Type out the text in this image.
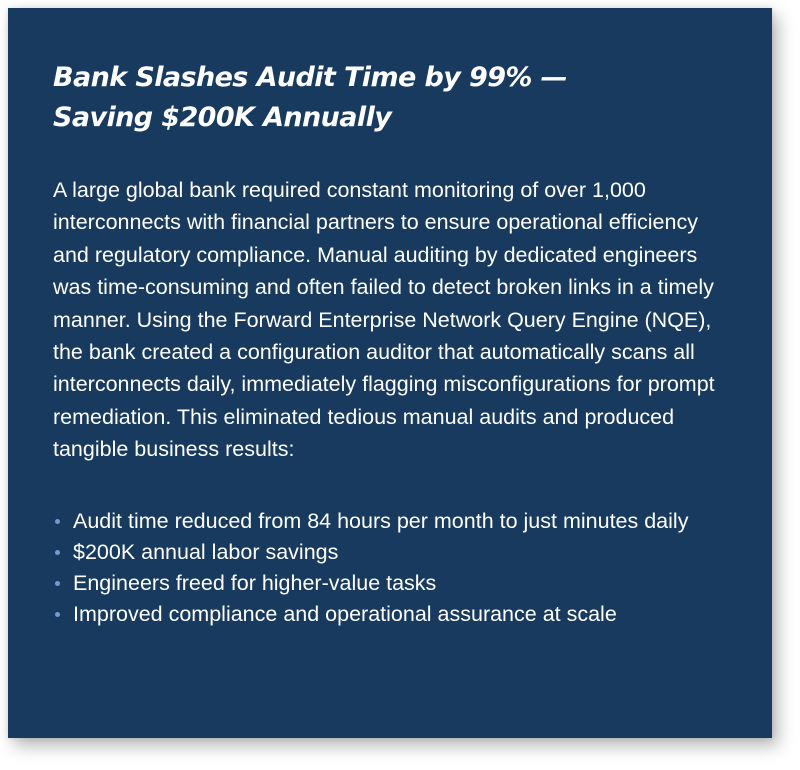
Bank Slashes Audit Time by 99% —
Saving $200K Annually

A large global bank required constant monitoring of over 1,000 interconnects with financial partners to ensure operational efficiency and regulatory compliance. Manual auditing by dedicated engineers was time-consuming and often failed to detect broken links in a timely manner. Using the Forward Enterprise Network Query Engine (NQE), the bank created a configuration auditor that automatically scans all interconnects daily, immediately flagging misconfigurations for prompt remediation. This eliminated tedious manual audits and produced tangible business results:

Audit time reduced from 84 hours per month to just minutes daily
$200K annual labor savings
Engineers freed for higher-value tasks
Improved compliance and operational assurance at scale
